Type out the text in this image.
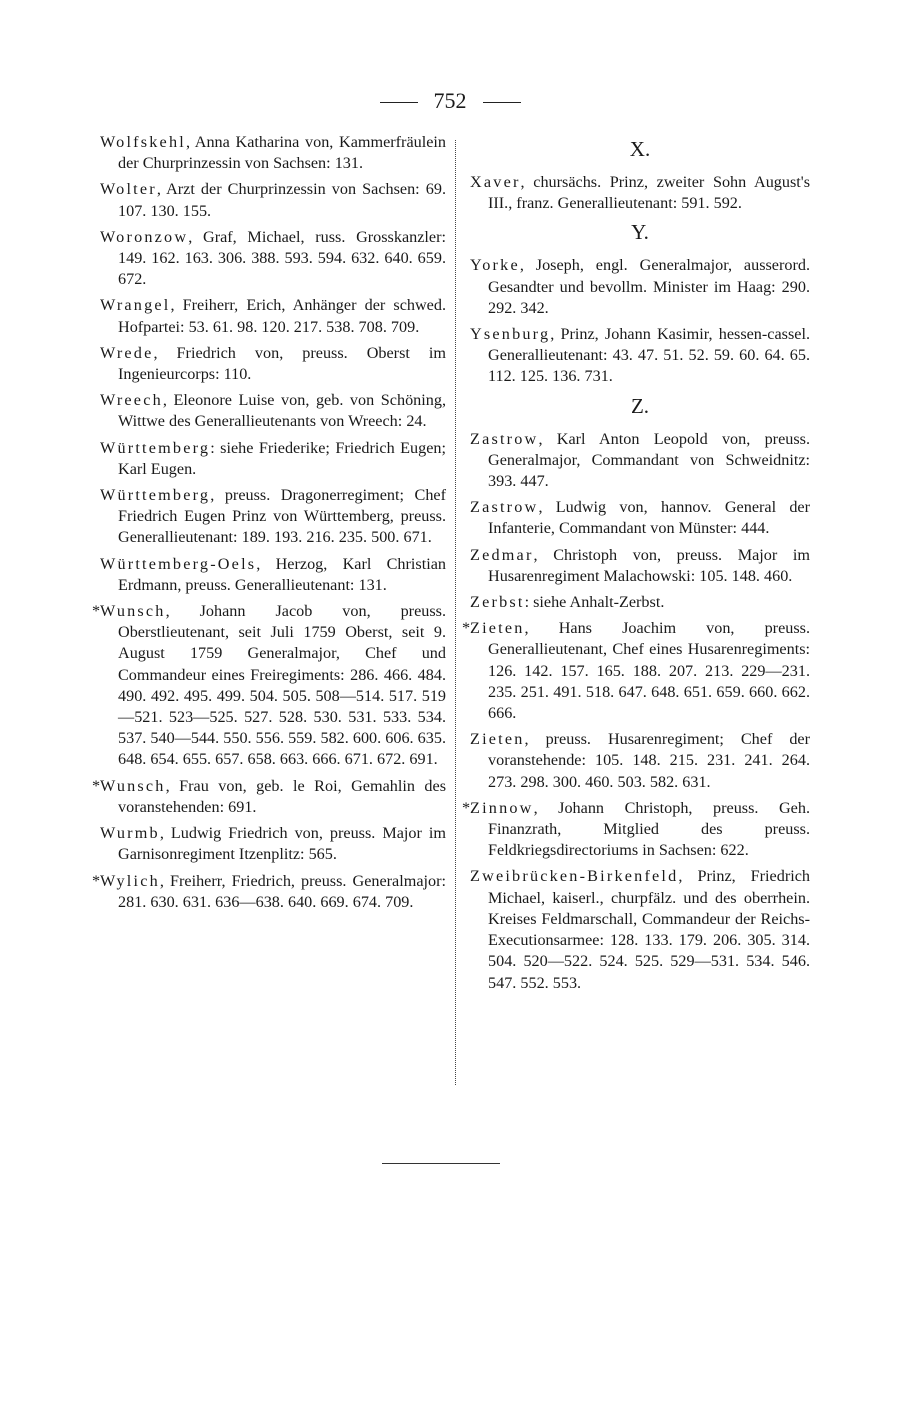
752
Wolfskehl, Anna Katharina von, Kammerfräulein der Churprinzessin von Sachsen: 131.
Wolter, Arzt der Churprinzessin von Sachsen: 69. 107. 130. 155.
Woronzow, Graf, Michael, russ. Grosskanzler: 149. 162. 163. 306. 388. 593. 594. 632. 640. 659. 672.
Wrangel, Freiherr, Erich, Anhänger der schwed. Hofpartei: 53. 61. 98. 120. 217. 538. 708. 709.
Wrede, Friedrich von, preuss. Oberst im Ingenieurcorps: 110.
Wreech, Eleonore Luise von, geb. von Schöning, Wittwe des Generallieutenants von Wreech: 24.
Württemberg: siehe Friederike; Friedrich Eugen; Karl Eugen.
Württemberg, preuss. Dragonerregiment; Chef Friedrich Eugen Prinz von Württemberg, preuss. Generallieutenant: 189. 193. 216. 235. 500. 671.
Württemberg-Oels, Herzog, Karl Christian Erdmann, preuss. Generallieutenant: 131.
*Wunsch, Johann Jacob von, preuss. Oberstlieutenant, seit Juli 1759 Oberst, seit 9. August 1759 Generalmajor, Chef und Commandeur eines Freiregiments: 286. 466. 484. 490. 492. 495. 499. 504. 505. 508—514. 517. 519—521. 523—525. 527. 528. 530. 531. 533. 534. 537. 540—544. 550. 556. 559. 582. 600. 606. 635. 648. 654. 655. 657. 658. 663. 666. 671. 672. 691.
*Wunsch, Frau von, geb. le Roi, Gemahlin des voranstehenden: 691.
Wurmb, Ludwig Friedrich von, preuss. Major im Garnisonregiment Itzenplitz: 565.
*Wylich, Freiherr, Friedrich, preuss. Generalmajor: 281. 630. 631. 636—638. 640. 669. 674. 709.
X.
Xaver, chursächs. Prinz, zweiter Sohn August's III., franz. Generallieutenant: 591. 592.
Y.
Yorke, Joseph, engl. Generalmajor, ausserord. Gesandter und bevollm. Minister im Haag: 290. 292. 342.
Ysenburg, Prinz, Johann Kasimir, hessen-cassel. Generallieutenant: 43. 47. 51. 52. 59. 60. 64. 65. 112. 125. 136. 731.
Z.
Zastrow, Karl Anton Leopold von, preuss. Generalmajor, Commandant von Schweidnitz: 393. 447.
Zastrow, Ludwig von, hannov. General der Infanterie, Commandant von Münster: 444.
Zedmar, Christoph von, preuss. Major im Husarenregiment Malachowski: 105. 148. 460.
Zerbst: siehe Anhalt-Zerbst.
*Zieten, Hans Joachim von, preuss. Generallieutenant, Chef eines Husarenregiments: 126. 142. 157. 165. 188. 207. 213. 229—231. 235. 251. 491. 518. 647. 648. 651. 659. 660. 662. 666.
Zieten, preuss. Husarenregiment; Chef der voranstehende: 105. 148. 215. 231. 241. 264. 273. 298. 300. 460. 503. 582. 631.
*Zinnow, Johann Christoph, preuss. Geh. Finanzrath, Mitglied des preuss. Feldkriegsdirectoriums in Sachsen: 622.
Zweibrücken-Birkenfeld, Prinz, Friedrich Michael, kaiserl., churpfälz. und des oberrhein. Kreises Feldmarschall, Commandeur der Reichs-Executionsarmee: 128. 133. 179. 206. 305. 314. 504. 520—522. 524. 525. 529—531. 534. 546. 547. 552. 553.
